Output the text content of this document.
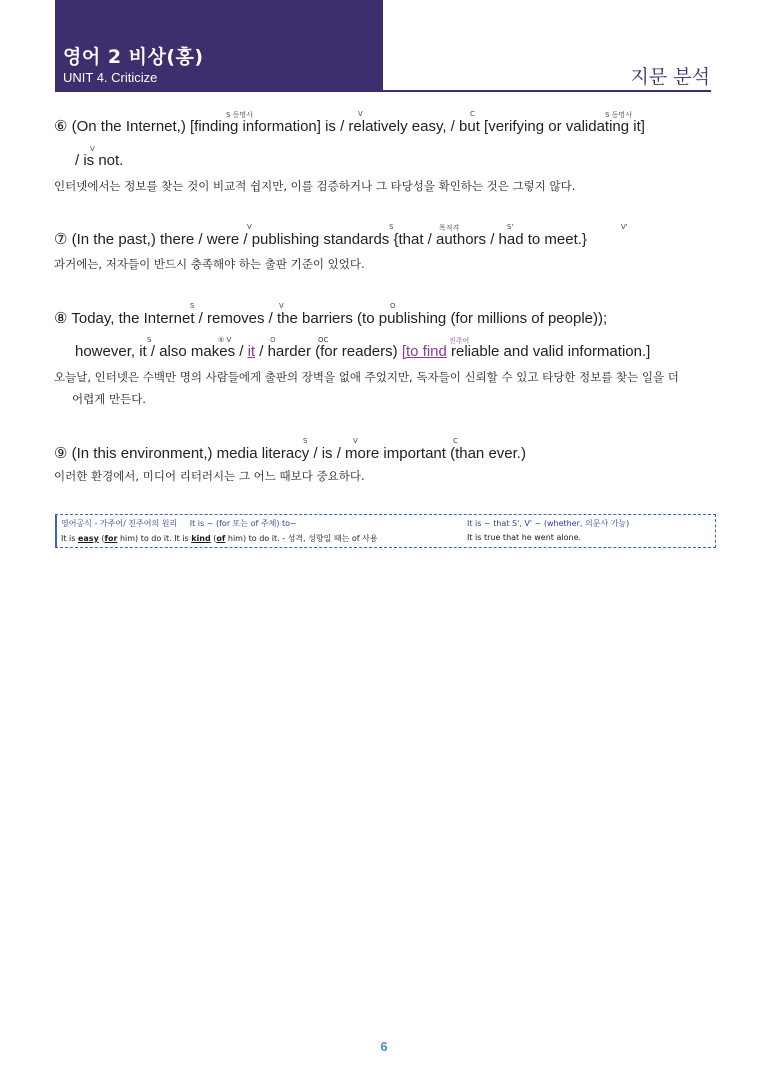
영어 2 비상(홍)
UNIT 4. Criticize	지문 분석
S 동명사	V	C	S 동명사
⑥ (On the Internet,) [finding information] is / relatively easy, / but [verifying or validating it]
V
/ is not.
인터넷에서는 정보를 찾는 것이 비교적 쉽지만, 이를 검증하거나 그 타당성을 확인하는 것은 그렇지 않다.
V	S	목적격	S'	V'
⑦ (In the past,) there / were / publishing standards {that / authors / had to meet.}
과거에는, 저자들이 반드시 충족해야 하는 출판 기준이 있었다.
S	V	O
⑧ Today, the Internet / removes / the barriers (to publishing (for millions of people));
S	⑤ V	O	OC	진주어
however, it / also makes / it / harder (for readers) [to find reliable and valid information.]
오늘날, 인터넷은 수백만 명의 사람들에게 출판의 장벽을 없애 주었지만, 독자들이 신뢰할 수 있고 타당한 정보를 찾는 일을 더
어렵게 만든다.
S	V	C
⑨ (In this environment,) media literacy / is / more important (than ever.)
이러한 환경에서, 미디어 리터러시는 그 어느 때보다 중요하다.
영어공식 - 가주어/ 진주어의 원리 It is ~ (for 또는 of 주체) to~	It is ~ that S', V' ~ (whether, 의문사 가능)
It is easy (for him) to do it. It is kind (of him) to do it. - 성격, 성향일 때는 of 사용	It is true that he went alone.
6
